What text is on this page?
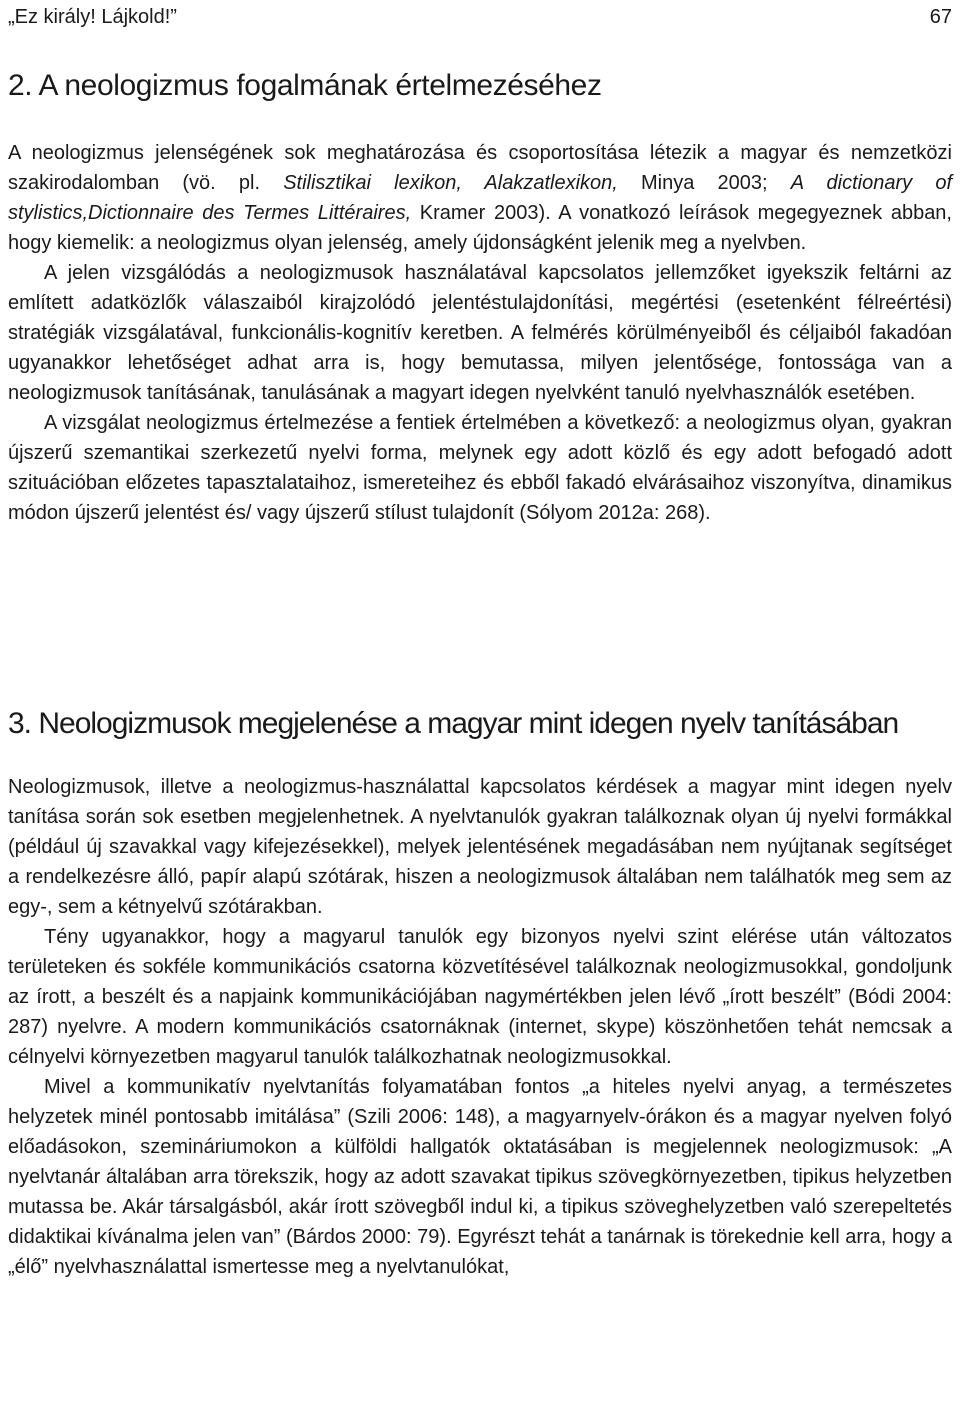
„Ez király! Lájkold!”	67
2. A neologizmus fogalmának értelmezéséhez

A neologizmus jelenségének sok meghatározása és csoportosítása létezik a magyar és nemzetközi szakirodalomban (vö. pl. Stilisztikai lexikon, Alakzatlexikon, Minya 2003; A dictionary of stylistics,Dictionnaire des Termes Littéraires, Kramer 2003). A vonatkozó leírások megegyeznek abban, hogy kiemelik: a neologizmus olyan jelenség, amely újdonságként jelenik meg a nyelvben.

A jelen vizsgálódás a neologizmusok használatával kapcsolatos jellemzőket igyekszik feltárni az említett adatközlők válaszaiból kirajzolódó jelentéstulajdonítási, megértési (esetenként félreértési) stratégiák vizsgálatával, funkcionális-kognitív keretben. A felmérés körülményeiből és céljaiból fakadóan ugyanakkor lehetőséget adhat arra is, hogy bemutassa, milyen jelentősége, fontossága van a neologizmusok tanításának, tanulásának a magyart idegen nyelvként tanuló nyelvhasználók esetében.

A vizsgálat neologizmus értelmezése a fentiek értelmében a következő: a neologizmus olyan, gyakran újszerű szemantikai szerkezetű nyelvi forma, melynek egy adott közlő és egy adott befogadó adott szituációban előzetes tapasztalataihoz, ismereteihez és ebből fakadó elvárásaihoz viszonyítva, dinamikus módon újszerű jelentést és/ vagy újszerű stílust tulajdonít (Sólyom 2012a: 268).

3. Neologizmusok megjelenése a magyar mint idegen nyelv tanításában

Neologizmusok, illetve a neologizmus-használattal kapcsolatos kérdések a magyar mint idegen nyelv tanítása során sok esetben megjelenhetnek. A nyelvtanulók gyakran találkoznak olyan új nyelvi formákkal (például új szavakkal vagy kifejezésekkel), melyek jelentésének megadásában nem nyújtanak segítséget a rendelkezésre álló, papír alapú szótárak, hiszen a neologizmusok általában nem találhatók meg sem az egy-, sem a kétnyelvű szótárakban.

Tény ugyanakkor, hogy a magyarul tanulók egy bizonyos nyelvi szint elérése után változatos területeken és sokféle kommunikációs csatorna közvetítésével találkoznak neologizmusokkal, gondoljunk az írott, a beszélt és a napjaink kommunikációjában nagymértékben jelen lévő „írott beszélt” (Bódi 2004: 287) nyelvre. A modern kommunikációs csatornáknak (internet, skype) köszönhetően tehát nemcsak a célnyelvi környezetben magyarul tanulók találkozhatnak neologizmusokkal.

Mivel a kommunikatív nyelvtanítás folyamatában fontos „a hiteles nyelvi anyag, a természetes helyzetek minél pontosabb imitálása” (Szili 2006: 148), a magyarnyelv-órákon és a magyar nyelven folyó előadásokon, szemináriumokon a külföldi hallgatók oktatásában is megjelennek neologizmusok: „A nyelvtanár általában arra törekszik, hogy az adott szavakat tipikus szövegkörnyezetben, tipikus helyzetben mutassa be. Akár társalgásból, akár írott szövegből indul ki, a tipikus szöveghelyzetben való szerepeltetés didaktikai kívánalma jelen van” (Bárdos 2000: 79). Egyrészt tehát a tanárnak is törekednie kell arra, hogy a „élő” nyelvhasználattal ismertesse meg a nyelvtanulókat,
